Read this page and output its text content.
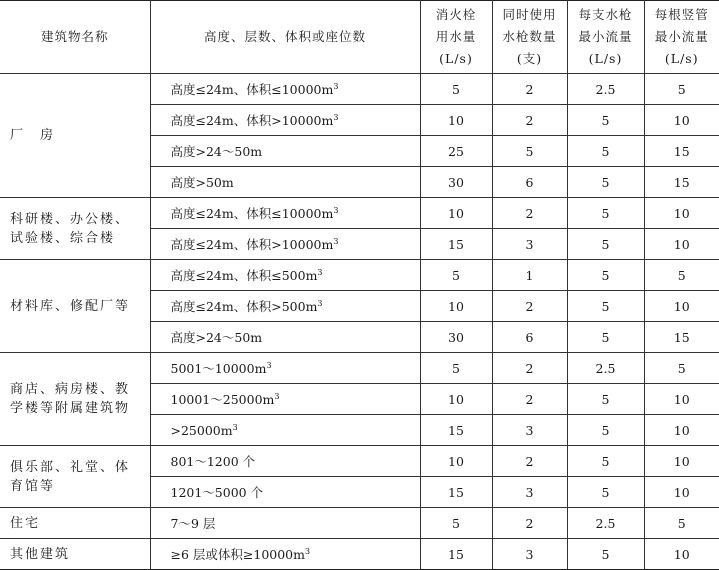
建筑物名称	高度、层数、体积或座位数	消火栓
用水量
(L/s)	同时使用
水枪数量
(支)	每支水枪
最小流量
(L/s)	每根竖管
最小流量
(L/s)

厂　房	高度≤24m、体积$\le 10000m^3$	5	2	2.5	5
	高度≤24m、体积$>10000m^3$	10	2	5	10
	高度>24～50m	25	5	5	15
	高度>50m	30	6	5	15

科研楼、办公楼、
试验楼、综合楼	高度≤24m、体积$\le 10000m^3$	10	2	5	10
	高度≤24m、体积$>10000m^3$	15	3	5	10

材料库、修配厂等	高度≤24m、体积$\le 500m^3$	5	1	5	5
	高度≤24m、体积$>500m^3$	10	2	5	10
	高度>24～50m	30	6	5	15

商店、病房楼、教
学楼等附属建筑物	$5001\sim 10000m^3$	5	2	2.5	5
	$10001\sim 25000m^3$	10	2	5	10
	$>25000m^3$	15	3	5	10

俱乐部、礼堂、体
育馆等	801～1200 个	10	2	5	10
	1201～5000 个	15	3	5	10

住宅	7～9 层	5	2	2.5	5

其他建筑	≥6 层或体积$\ge 10000m^3$	15	3	5	10
